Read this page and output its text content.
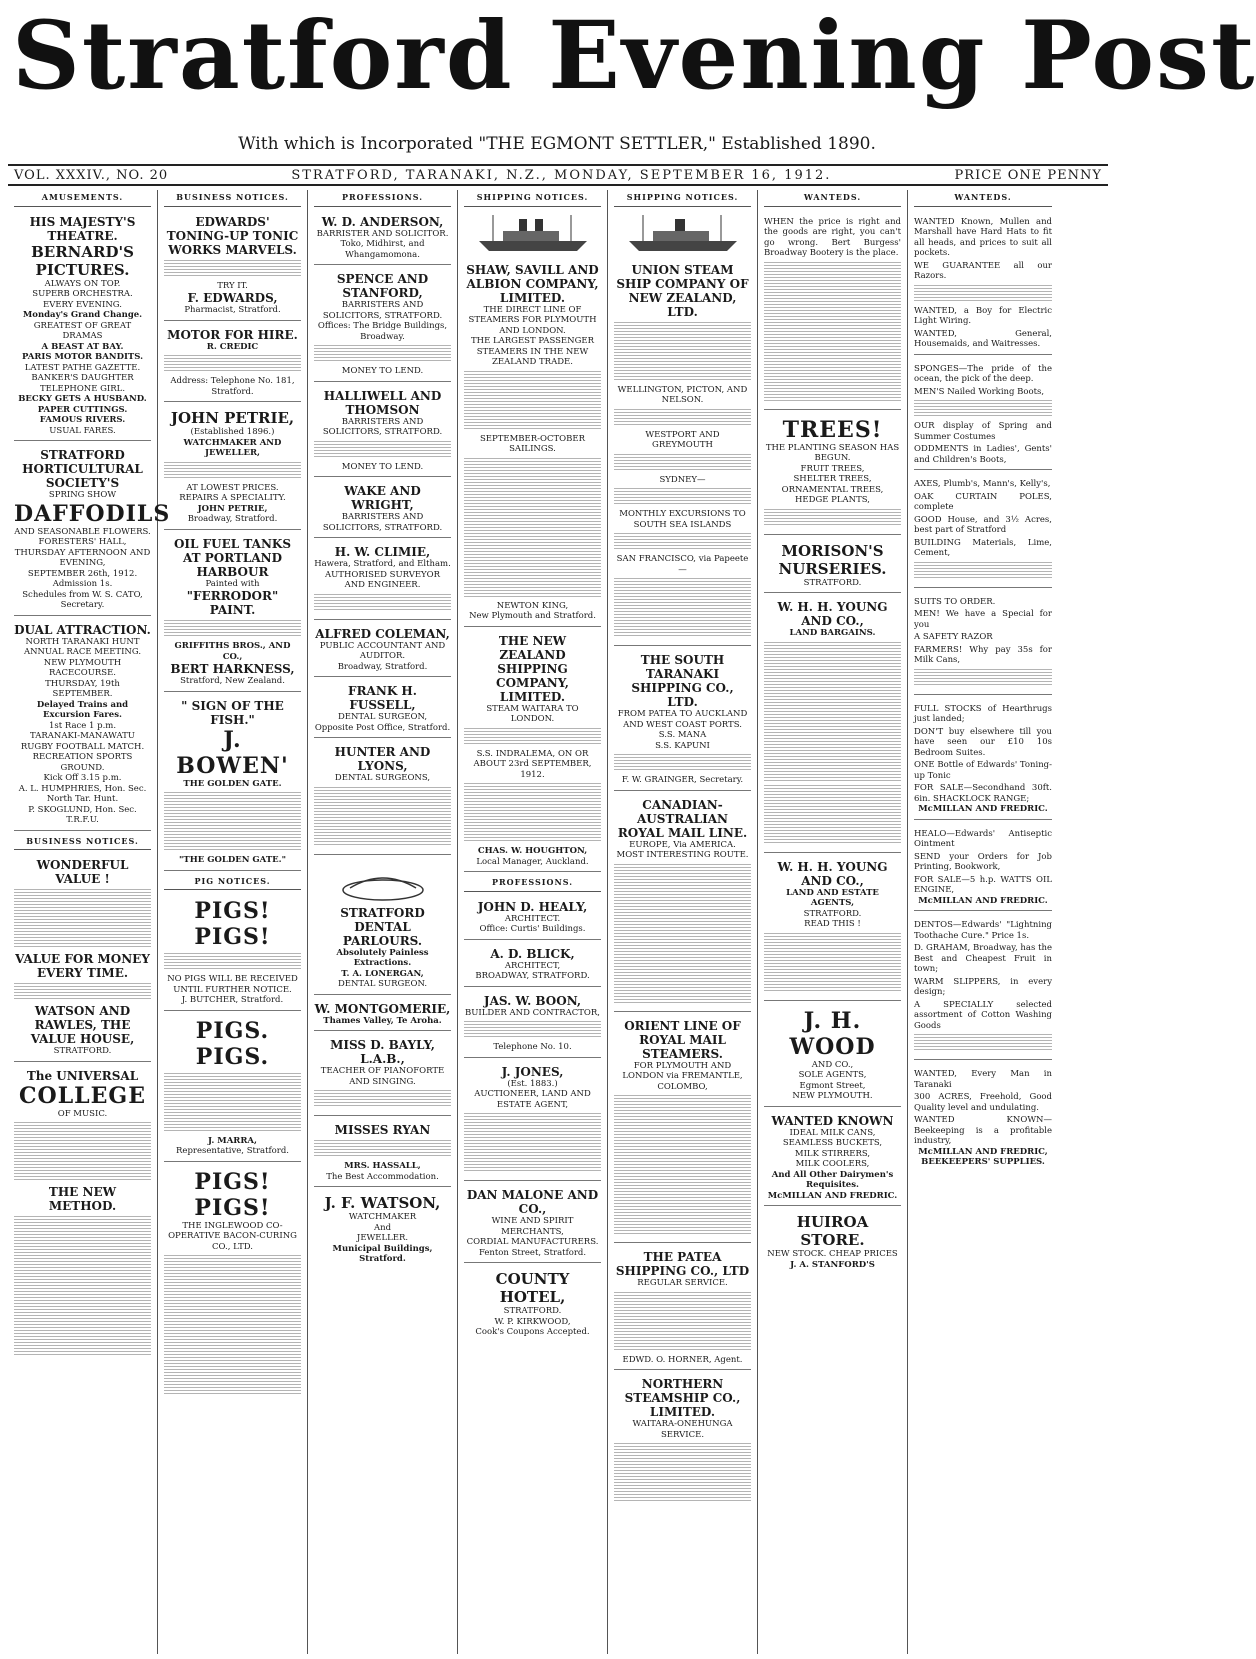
Stratford Evening Post
With which is Incorporated "THE EGMONT SETTLER," Established 1890.
VOL. XXXIV., NO. 20	STRATFORD, TARANAKI, N.Z., MONDAY, SEPTEMBER 16, 1912.	PRICE ONE PENNY
AMUSEMENTS.
HIS MAJESTY'S THEATRE.
BERNARD'S PICTURES.
ALWAYS ON TOP.
SUPERB ORCHESTRA.
EVERY EVENING.
Monday's Grand Change.
GREATEST OF GREAT DRAMAS
A BEAST AT BAY.
PARIS MOTOR BANDITS.
LATEST PATHE GAZETTE.
BANKER'S DAUGHTER
TELEPHONE GIRL.
BECKY GETS A HUSBAND.
PAPER CUTTINGS.
FAMOUS RIVERS.
USUAL FARES.
STRATFORD HORTICULTURAL SOCIETY'S
SPRING SHOW
DAFFODILS
AND SEASONABLE FLOWERS.
FORESTERS' HALL,
THURSDAY AFTERNOON AND EVENING,
SEPTEMBER 26th, 1912.
Admission 1s.
Schedules from W. S. CATO, Secretary.
DUAL ATTRACTION.
NORTH TARANAKI HUNT ANNUAL RACE MEETING.
NEW PLYMOUTH RACECOURSE.
THURSDAY, 19th SEPTEMBER.
Delayed Trains and Excursion Fares.
1st Race 1 p.m.
TARANAKI-MANAWATU RUGBY FOOTBALL MATCH.
RECREATION SPORTS GROUND.
Kick Off 3.15 p.m.
A. L. HUMPHRIES, Hon. Sec. North Tar. Hunt.
P. SKOGLUND, Hon. Sec. T.R.F.U.
BUSINESS NOTICES.
WONDERFUL VALUE !
VALUE FOR MONEY EVERY TIME.
WATSON AND RAWLES, THE VALUE HOUSE,
STRATFORD.
The UNIVERSAL
COLLEGE
OF MUSIC.
THE NEW METHOD.
BUSINESS NOTICES.
EDWARDS' TONING-UP TONIC WORKS MARVELS.
TRY IT.
F. EDWARDS,
Pharmacist, Stratford.
MOTOR FOR HIRE.
R. CREDIC
Address: Telephone No. 181, Stratford.
JOHN PETRIE,
(Established 1896.)
WATCHMAKER AND JEWELLER,
AT LOWEST PRICES.
REPAIRS A SPECIALITY.
JOHN PETRIE,
Broadway, Stratford.
OIL FUEL TANKS AT PORTLAND HARBOUR
Painted with
"FERRODOR" PAINT.
GRIFFITHS BROS., AND CO.,
BERT HARKNESS,
Stratford, New Zealand.
" SIGN OF THE FISH."
J. BOWEN'
THE GOLDEN GATE.
"THE GOLDEN GATE."
PIG NOTICES.
PIGS! PIGS!
NO PIGS WILL BE RECEIVED UNTIL FURTHER NOTICE.
J. BUTCHER, Stratford.
PIGS. PIGS.
J. MARRA,
Representative, Stratford.
PIGS! PIGS!
THE INGLEWOOD CO-OPERATIVE BACON-CURING CO., LTD.
PROFESSIONS.
W. D. ANDERSON,
BARRISTER AND SOLICITOR.
Toko, Midhirst, and Whangamomona.
SPENCE AND STANFORD,
BARRISTERS AND SOLICITORS, STRATFORD.
Offices: The Bridge Buildings, Broadway.
MONEY TO LEND.
HALLIWELL AND THOMSON
BARRISTERS AND SOLICITORS, STRATFORD.
MONEY TO LEND.
WAKE AND WRIGHT,
BARRISTERS AND SOLICITORS, STRATFORD.
H. W. CLIMIE,
Hawera, Stratford, and Eltham.
AUTHORISED SURVEYOR AND ENGINEER.
ALFRED COLEMAN,
PUBLIC ACCOUNTANT AND AUDITOR.
Broadway, Stratford.
FRANK H. FUSSELL,
DENTAL SURGEON,
Opposite Post Office, Stratford.
HUNTER AND LYONS,
DENTAL SURGEONS,
STRATFORD DENTAL PARLOURS.
Absolutely Painless Extractions.
T. A. LONERGAN,
DENTAL SURGEON.
W. MONTGOMERIE,
Thames Valley, Te Aroha.
MISS D. BAYLY, L.A.B.,
TEACHER OF PIANOFORTE AND SINGING.
MISSES RYAN
MRS. HASSALL,
The Best Accommodation.
J. F. WATSON,
WATCHMAKER
And
JEWELLER.
Municipal Buildings, Stratford.
SHIPPING NOTICES.
SHAW, SAVILL AND ALBION COMPANY, LIMITED.
THE DIRECT LINE OF STEAMERS FOR PLYMOUTH AND LONDON.
THE LARGEST PASSENGER STEAMERS IN THE NEW ZEALAND TRADE.
SEPTEMBER-OCTOBER SAILINGS.
NEWTON KING,
New Plymouth and Stratford.
THE NEW ZEALAND SHIPPING COMPANY, LIMITED.
STEAM WAITARA TO LONDON.
S.S. INDRALEMA, ON OR ABOUT 23rd SEPTEMBER, 1912.
CHAS. W. HOUGHTON,
Local Manager, Auckland.
PROFESSIONS.
JOHN D. HEALY,
ARCHITECT.
Office: Curtis' Buildings.
A. D. BLICK,
ARCHITECT,
BROADWAY, STRATFORD.
JAS. W. BOON,
BUILDER AND CONTRACTOR,
Telephone No. 10.
J. JONES,
(Est. 1883.)
AUCTIONEER, LAND AND ESTATE AGENT,
DAN MALONE AND CO.,
WINE AND SPIRIT MERCHANTS,
CORDIAL MANUFACTURERS.
Fenton Street, Stratford.
COUNTY HOTEL,
STRATFORD.
W. P. KIRKWOOD,
Cook's Coupons Accepted.
SHIPPING NOTICES.
UNION STEAM SHIP COMPANY OF NEW ZEALAND, LTD.
WELLINGTON, PICTON, AND NELSON.
WESTPORT AND GREYMOUTH
SYDNEY—
MONTHLY EXCURSIONS TO SOUTH SEA ISLANDS
SAN FRANCISCO, via Papeete—
THE SOUTH TARANAKI SHIPPING CO., LTD.
FROM PATEA TO AUCKLAND AND WEST COAST PORTS.
S.S. MANA
S.S. KAPUNI
F. W. GRAINGER, Secretary.
CANADIAN-AUSTRALIAN ROYAL MAIL LINE.
EUROPE, Via AMERICA.
MOST INTERESTING ROUTE.
ORIENT LINE OF ROYAL MAIL STEAMERS.
FOR PLYMOUTH AND LONDON via FREMANTLE, COLOMBO,
THE PATEA SHIPPING CO., LTD
REGULAR SERVICE.
EDWD. O. HORNER, Agent.
NORTHERN STEAMSHIP CO., LIMITED.
WAITARA-ONEHUNGA SERVICE.
WANTEDS.
WHEN the price is right and the goods are right, you can't go wrong. Bert Burgess' Broadway Bootery is the place.
TREES!
THE PLANTING SEASON HAS BEGUN.
FRUIT TREES,
SHELTER TREES,
ORNAMENTAL TREES,
HEDGE PLANTS,
MORISON'S NURSERIES.
STRATFORD.
W. H. H. YOUNG AND CO.,
LAND BARGAINS.
W. H. H. YOUNG AND CO.,
LAND AND ESTATE AGENTS,
STRATFORD.
READ THIS !
J. H. WOOD
AND CO.,
SOLE AGENTS,
Egmont Street,
NEW PLYMOUTH.
WANTED KNOWN
IDEAL MILK CANS,
SEAMLESS BUCKETS,
MILK STIRRERS,
MILK COOLERS,
And All Other Dairymen's Requisites.
McMILLAN AND FREDRIC.
HUIROA STORE.
NEW STOCK. CHEAP PRICES
J. A. STANFORD'S
WANTEDS.
WANTED Known, Mullen and Marshall have Hard Hats to fit all heads, and prices to suit all pockets.
WE GUARANTEE all our Razors.
WANTED, a Boy for Electric Light Wiring.
WANTED, General, Housemaids, and Waitresses.
SPONGES—The pride of the ocean, the pick of the deep.
MEN'S Nailed Working Boots,
OUR display of Spring and Summer Costumes
ODDMENTS in Ladies', Gents' and Children's Boots,
AXES, Plumb's, Mann's, Kelly's,
OAK CURTAIN POLES, complete
GOOD House, and 3½ Acres, best part of Stratford
BUILDING Materials, Lime, Cement,
SUITS TO ORDER.
MEN! We have a Special for you
A SAFETY RAZOR
FARMERS! Why pay 35s for Milk Cans,
FULL STOCKS of Hearthrugs just landed;
DON'T buy elsewhere till you have seen our £10 10s Bedroom Suites.
ONE Bottle of Edwards' Toning-up Tonic
FOR SALE—Secondhand 30ft. 6in. SHACKLOCK RANGE;
McMILLAN AND FREDRIC.
HEALO—Edwards' Antiseptic Ointment
SEND your Orders for Job Printing, Bookwork,
FOR SALE—5 h.p. WATTS OIL ENGINE,
McMILLAN AND FREDRIC.
DENTOS—Edwards' "Lightning Toothache Cure." Price 1s.
D. GRAHAM, Broadway, has the Best and Cheapest Fruit in town;
WARM SLIPPERS, in every design;
A SPECIALLY selected assortment of Cotton Washing Goods
WANTED, Every Man in Taranaki
300 ACRES, Freehold, Good Quality level and undulating.
WANTED KNOWN—Beekeeping is a profitable industry,
McMILLAN AND FREDRIC,
BEEKEEPERS' SUPPLIES.
